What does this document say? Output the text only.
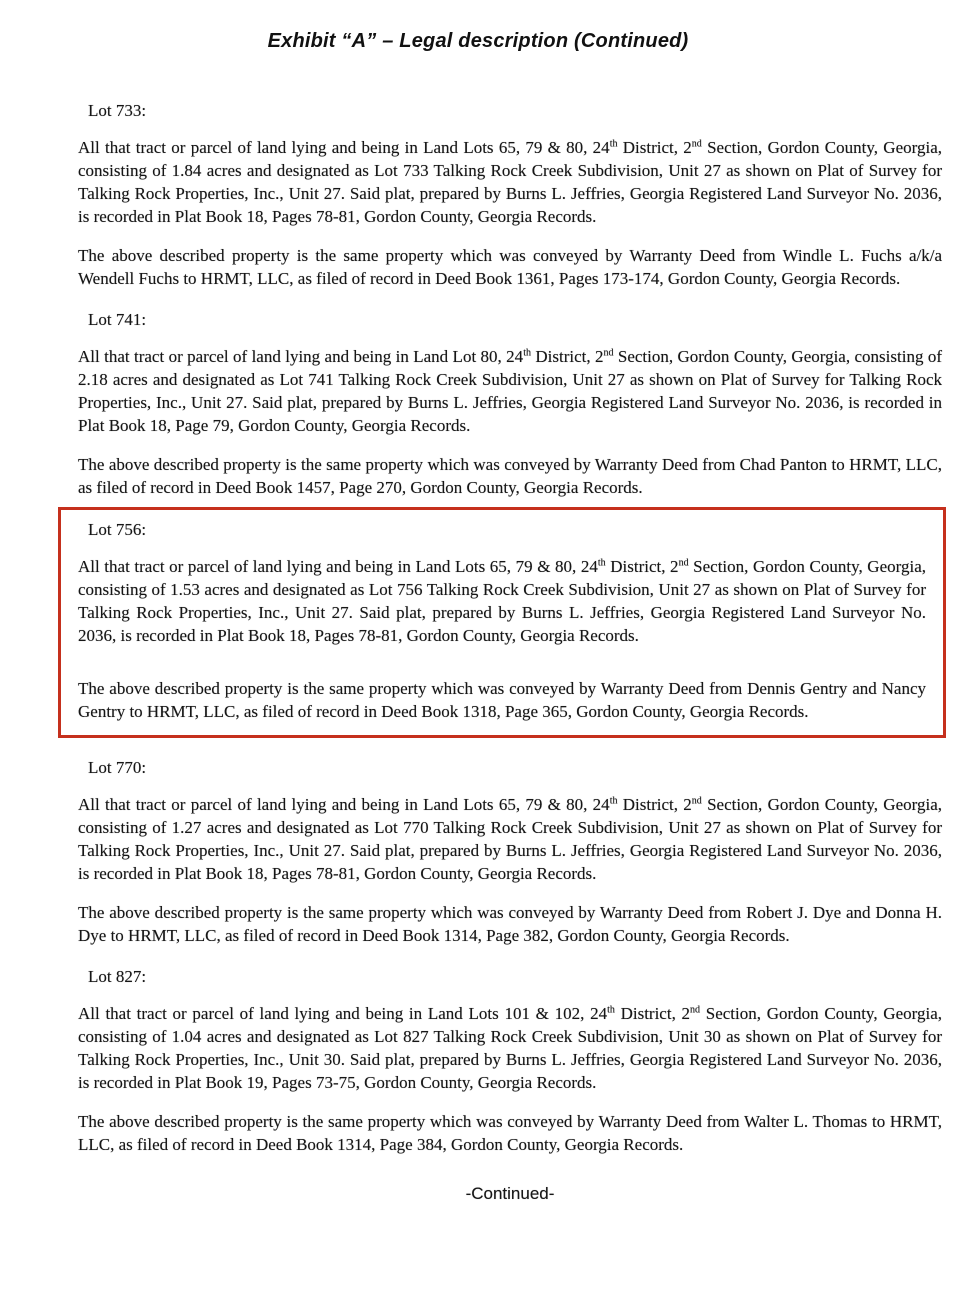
Exhibit “A” – Legal description (Continued)
Lot 733:

All that tract or parcel of land lying and being in Land Lots 65, 79 & 80, 24th District, 2nd Section, Gordon County, Georgia, consisting of 1.84 acres and designated as Lot 733 Talking Rock Creek Subdivision, Unit 27 as shown on Plat of Survey for Talking Rock Properties, Inc., Unit 27. Said plat, prepared by Burns L. Jeffries, Georgia Registered Land Surveyor No. 2036, is recorded in Plat Book 18, Pages 78-81, Gordon County, Georgia Records.

The above described property is the same property which was conveyed by Warranty Deed from Windle L. Fuchs a/k/a Wendell Fuchs to HRMT, LLC, as filed of record in Deed Book 1361, Pages 173-174, Gordon County, Georgia Records.

Lot 741:

All that tract or parcel of land lying and being in Land Lot 80, 24th District, 2nd Section, Gordon County, Georgia, consisting of 2.18 acres and designated as Lot 741 Talking Rock Creek Subdivision, Unit 27 as shown on Plat of Survey for Talking Rock Properties, Inc., Unit 27. Said plat, prepared by Burns L. Jeffries, Georgia Registered Land Surveyor No. 2036, is recorded in Plat Book 18, Page 79, Gordon County, Georgia Records.

The above described property is the same property which was conveyed by Warranty Deed from Chad Panton to HRMT, LLC, as filed of record in Deed Book 1457, Page 270, Gordon County, Georgia Records.

Lot 756:

All that tract or parcel of land lying and being in Land Lots 65, 79 & 80, 24th District, 2nd Section, Gordon County, Georgia, consisting of 1.53 acres and designated as Lot 756 Talking Rock Creek Subdivision, Unit 27 as shown on Plat of Survey for Talking Rock Properties, Inc., Unit 27. Said plat, prepared by Burns L. Jeffries, Georgia Registered Land Surveyor No. 2036, is recorded in Plat Book 18, Pages 78-81, Gordon County, Georgia Records.

The above described property is the same property which was conveyed by Warranty Deed from Dennis Gentry and Nancy Gentry to HRMT, LLC, as filed of record in Deed Book 1318, Page 365, Gordon County, Georgia Records.

Lot 770:

All that tract or parcel of land lying and being in Land Lots 65, 79 & 80, 24th District, 2nd Section, Gordon County, Georgia, consisting of 1.27 acres and designated as Lot 770 Talking Rock Creek Subdivision, Unit 27 as shown on Plat of Survey for Talking Rock Properties, Inc., Unit 27. Said plat, prepared by Burns L. Jeffries, Georgia Registered Land Surveyor No. 2036, is recorded in Plat Book 18, Pages 78-81, Gordon County, Georgia Records.

The above described property is the same property which was conveyed by Warranty Deed from Robert J. Dye and Donna H. Dye to HRMT, LLC, as filed of record in Deed Book 1314, Page 382, Gordon County, Georgia Records.

Lot 827:

All that tract or parcel of land lying and being in Land Lots 101 & 102, 24th District, 2nd Section, Gordon County, Georgia, consisting of 1.04 acres and designated as Lot 827 Talking Rock Creek Subdivision, Unit 30 as shown on Plat of Survey for Talking Rock Properties, Inc., Unit 30. Said plat, prepared by Burns L. Jeffries, Georgia Registered Land Surveyor No. 2036, is recorded in Plat Book 19, Pages 73-75, Gordon County, Georgia Records.

The above described property is the same property which was conveyed by Warranty Deed from Walter L. Thomas to HRMT, LLC, as filed of record in Deed Book 1314, Page 384, Gordon County, Georgia Records.

-Continued-
